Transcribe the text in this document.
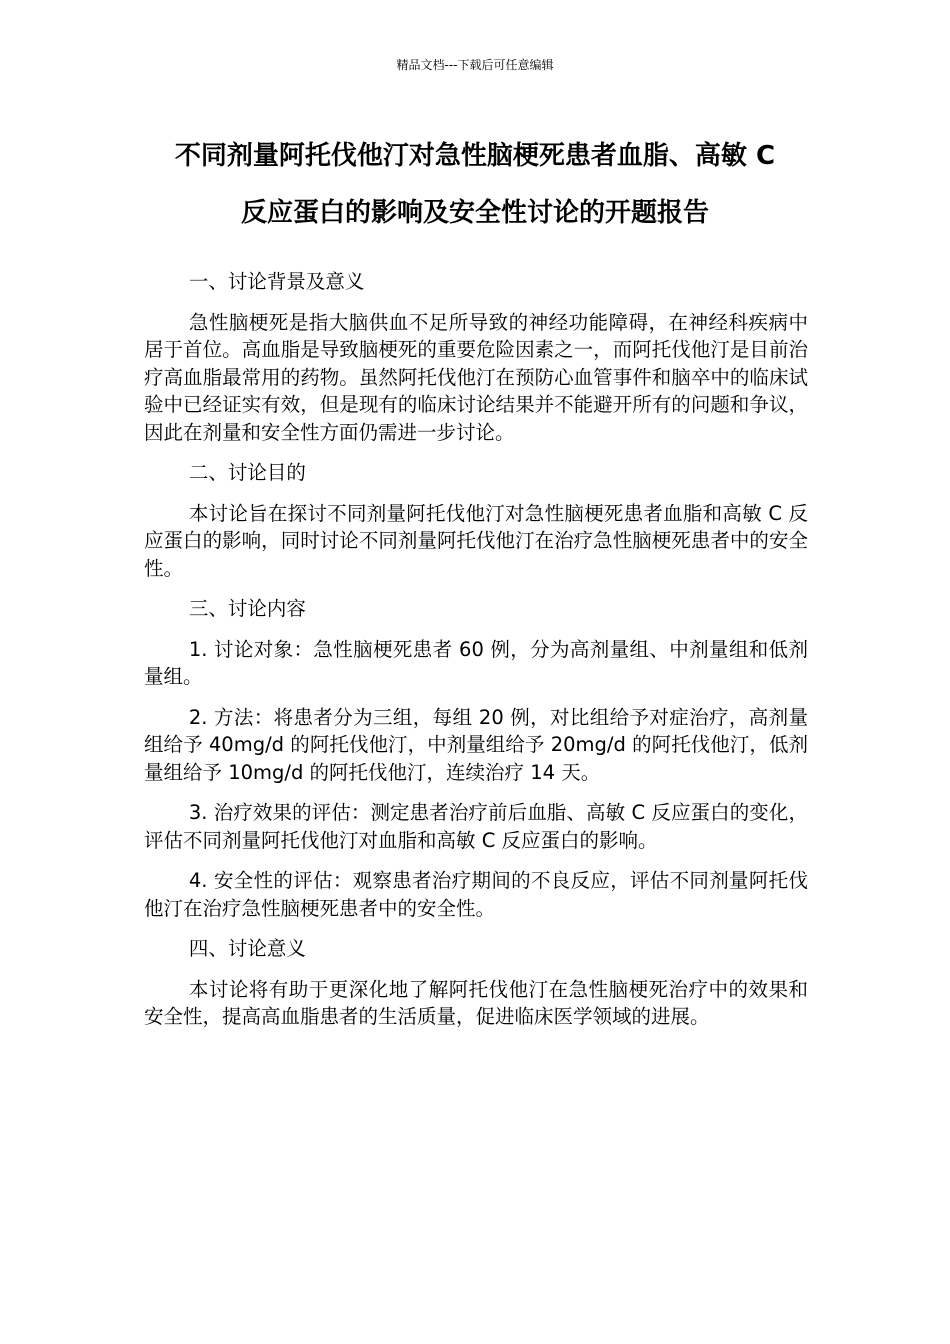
精品文档---下载后可任意编辑
不同剂量阿托伐他汀对急性脑梗死患者血脂、高敏 C
反应蛋白的影响及安全性讨论的开题报告

一、讨论背景及意义

急性脑梗死是指大脑供血不足所导致的神经功能障碍，在神经科疾病中居于首位。高血脂是导致脑梗死的重要危险因素之一，而阿托伐他汀是目前治疗高血脂最常用的药物。虽然阿托伐他汀在预防心血管事件和脑卒中的临床试验中已经证实有效，但是现有的临床讨论结果并不能避开所有的问题和争议，因此在剂量和安全性方面仍需进一步讨论。

二、讨论目的

本讨论旨在探讨不同剂量阿托伐他汀对急性脑梗死患者血脂和高敏 C 反应蛋白的影响，同时讨论不同剂量阿托伐他汀在治疗急性脑梗死患者中的安全性。

三、讨论内容

1. 讨论对象：急性脑梗死患者 60 例，分为高剂量组、中剂量组和低剂量组。

2. 方法：将患者分为三组，每组 20 例，对比组给予对症治疗，高剂量组给予 40mg/d 的阿托伐他汀，中剂量组给予 20mg/d 的阿托伐他汀，低剂量组给予 10mg/d 的阿托伐他汀，连续治疗 14 天。

3. 治疗效果的评估：测定患者治疗前后血脂、高敏 C 反应蛋白的变化，评估不同剂量阿托伐他汀对血脂和高敏 C 反应蛋白的影响。

4. 安全性的评估：观察患者治疗期间的不良反应，评估不同剂量阿托伐他汀在治疗急性脑梗死患者中的安全性。

四、讨论意义

本讨论将有助于更深化地了解阿托伐他汀在急性脑梗死治疗中的效果和安全性，提高高血脂患者的生活质量，促进临床医学领域的进展。
